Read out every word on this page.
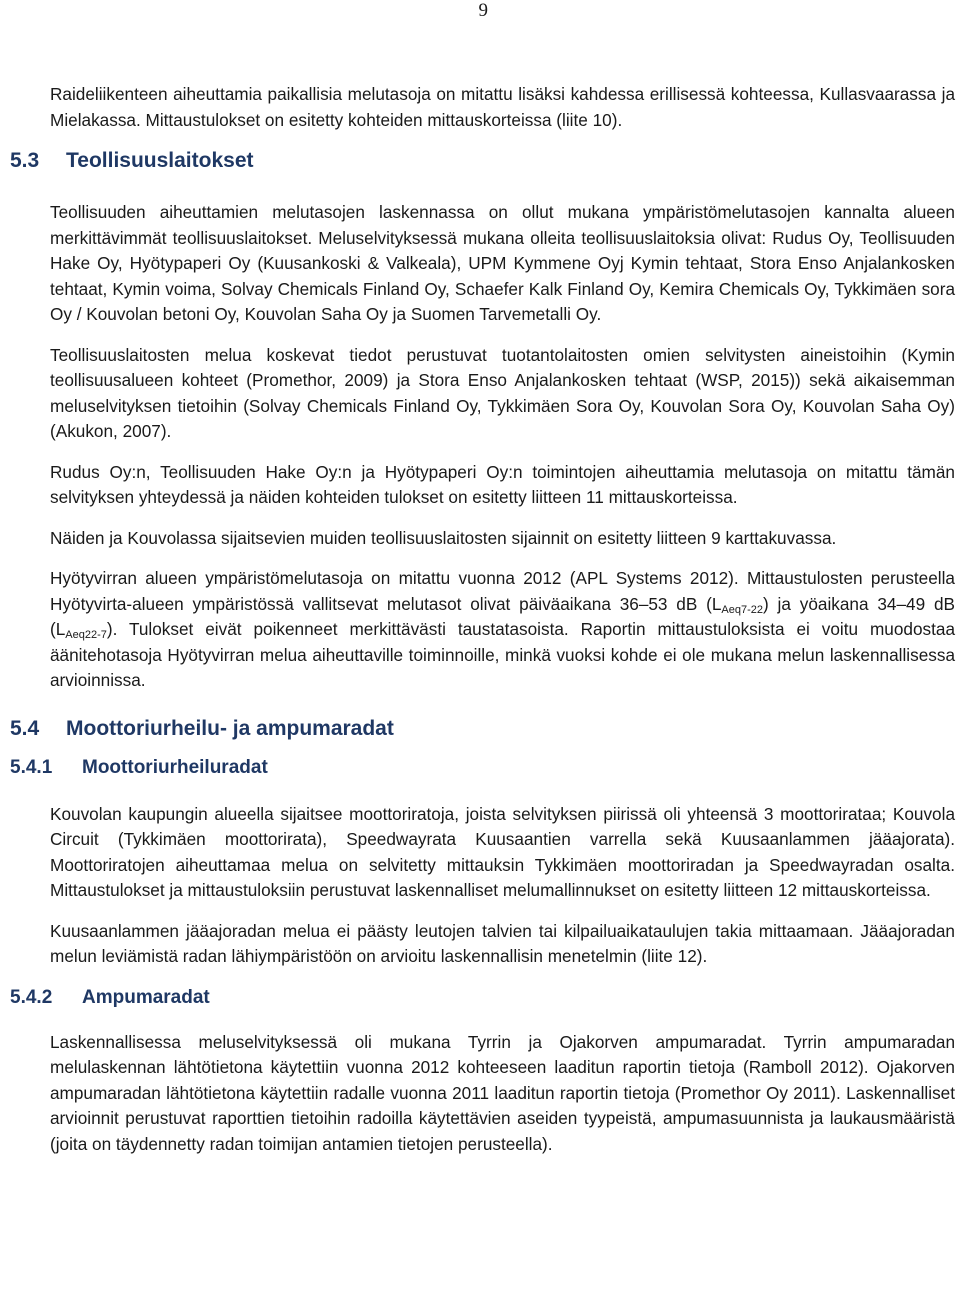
9

Raideliikenteen aiheuttamia paikallisia melutasoja on mitattu lisäksi kahdessa erillisessä kohteessa, Kullasvaarassa ja Mielakassa. Mittaustulokset on esitetty kohteiden mittauskorteissa (liite 10).

5.3 Teollisuuslaitokset

Teollisuuden aiheuttamien melutasojen laskennassa on ollut mukana ympäristömelutasojen kannalta alueen merkittävimmät teollisuuslaitokset. Meluselvityksessä mukana olleita teollisuuslaitoksia olivat: Rudus Oy, Teollisuuden Hake Oy, Hyötypaperi Oy (Kuusankoski & Valkeala), UPM Kymmene Oyj Kymin tehtaat, Stora Enso Anjalankosken tehtaat, Kymin voima, Solvay Chemicals Finland Oy, Schaefer Kalk Finland Oy, Kemira Chemicals Oy, Tykkimäen sora Oy / Kouvolan betoni Oy, Kouvolan Saha Oy ja Suomen Tarvemetalli Oy.

Teollisuuslaitosten melua koskevat tiedot perustuvat tuotantolaitosten omien selvitysten aineistoihin (Kymin teollisuusalueen kohteet (Promethor, 2009) ja Stora Enso Anjalankosken tehtaat (WSP, 2015)) sekä aikaisemman meluselvityksen tietoihin (Solvay Chemicals Finland Oy, Tykkimäen Sora Oy, Kouvolan Sora Oy, Kouvolan Saha Oy) (Akukon, 2007).

Rudus Oy:n, Teollisuuden Hake Oy:n ja Hyötypaperi Oy:n toimintojen aiheuttamia melutasoja on mitattu tämän selvityksen yhteydessä ja näiden kohteiden tulokset on esitetty liitteen 11 mittauskorteissa.

Näiden ja Kouvolassa sijaitsevien muiden teollisuuslaitosten sijainnit on esitetty liitteen 9 karttakuvassa.

Hyötyvirran alueen ympäristömelutasoja on mitattu vuonna 2012 (APL Systems 2012). Mittaustulosten perusteella Hyötyvirta-alueen ympäristössä vallitsevat melutasot olivat päiväaikana 36–53 dB $(L_{Aeq7-22})$ ja yöaikana 34–49 dB $(L_{Aeq22-7})$. Tulokset eivät poikenneet merkittävästi taustatasoista. Raportin mittaustuloksista ei voitu muodostaa äänitehotasoja Hyötyvirran melua aiheuttaville toiminnoille, minkä vuoksi kohde ei ole mukana melun laskennallisessa arvioinnissa.

5.4 Moottoriurheilu- ja ampumaradat
5.4.1 Moottoriurheiluradat

Kouvolan kaupungin alueella sijaitsee moottoriratoja, joista selvityksen piirissä oli yhteensä 3 moottorirataa; Kouvola Circuit (Tykkimäen moottorirata), Speedwayrata Kuusaantien varrella sekä Kuusaanlammen jääajorata). Moottoriratojen aiheuttamaa melua on selvitetty mittauksin Tykkimäen moottoriradan ja Speedwayradan osalta. Mittaustulokset ja mittaustuloksiin perustuvat laskennalliset melumallinnukset on esitetty liitteen 12 mittauskorteissa.

Kuusaanlammen jääajoradan melua ei päästy leutojen talvien tai kilpailuaikataulujen takia mittaamaan. Jääajoradan melun leviämistä radan lähiympäristöön on arvioitu laskennallisin menetelmin (liite 12).

5.4.2 Ampumaradat

Laskennallisessa meluselvityksessä oli mukana Tyrrin ja Ojakorven ampumaradat. Tyrrin ampumaradan melulaskennan lähtötietona käytettiin vuonna 2012 kohteeseen laaditun raportin tietoja (Ramboll 2012). Ojakorven ampumaradan lähtötietona käytettiin radalle vuonna 2011 laaditun raportin tietoja (Promethor Oy 2011). Laskennalliset arvioinnit perustuvat raporttien tietoihin radoilla käytettävien aseiden tyypeistä, ampumasuunnista ja laukausmääristä (joita on täydennetty radan toimijan antamien tietojen perusteella).
